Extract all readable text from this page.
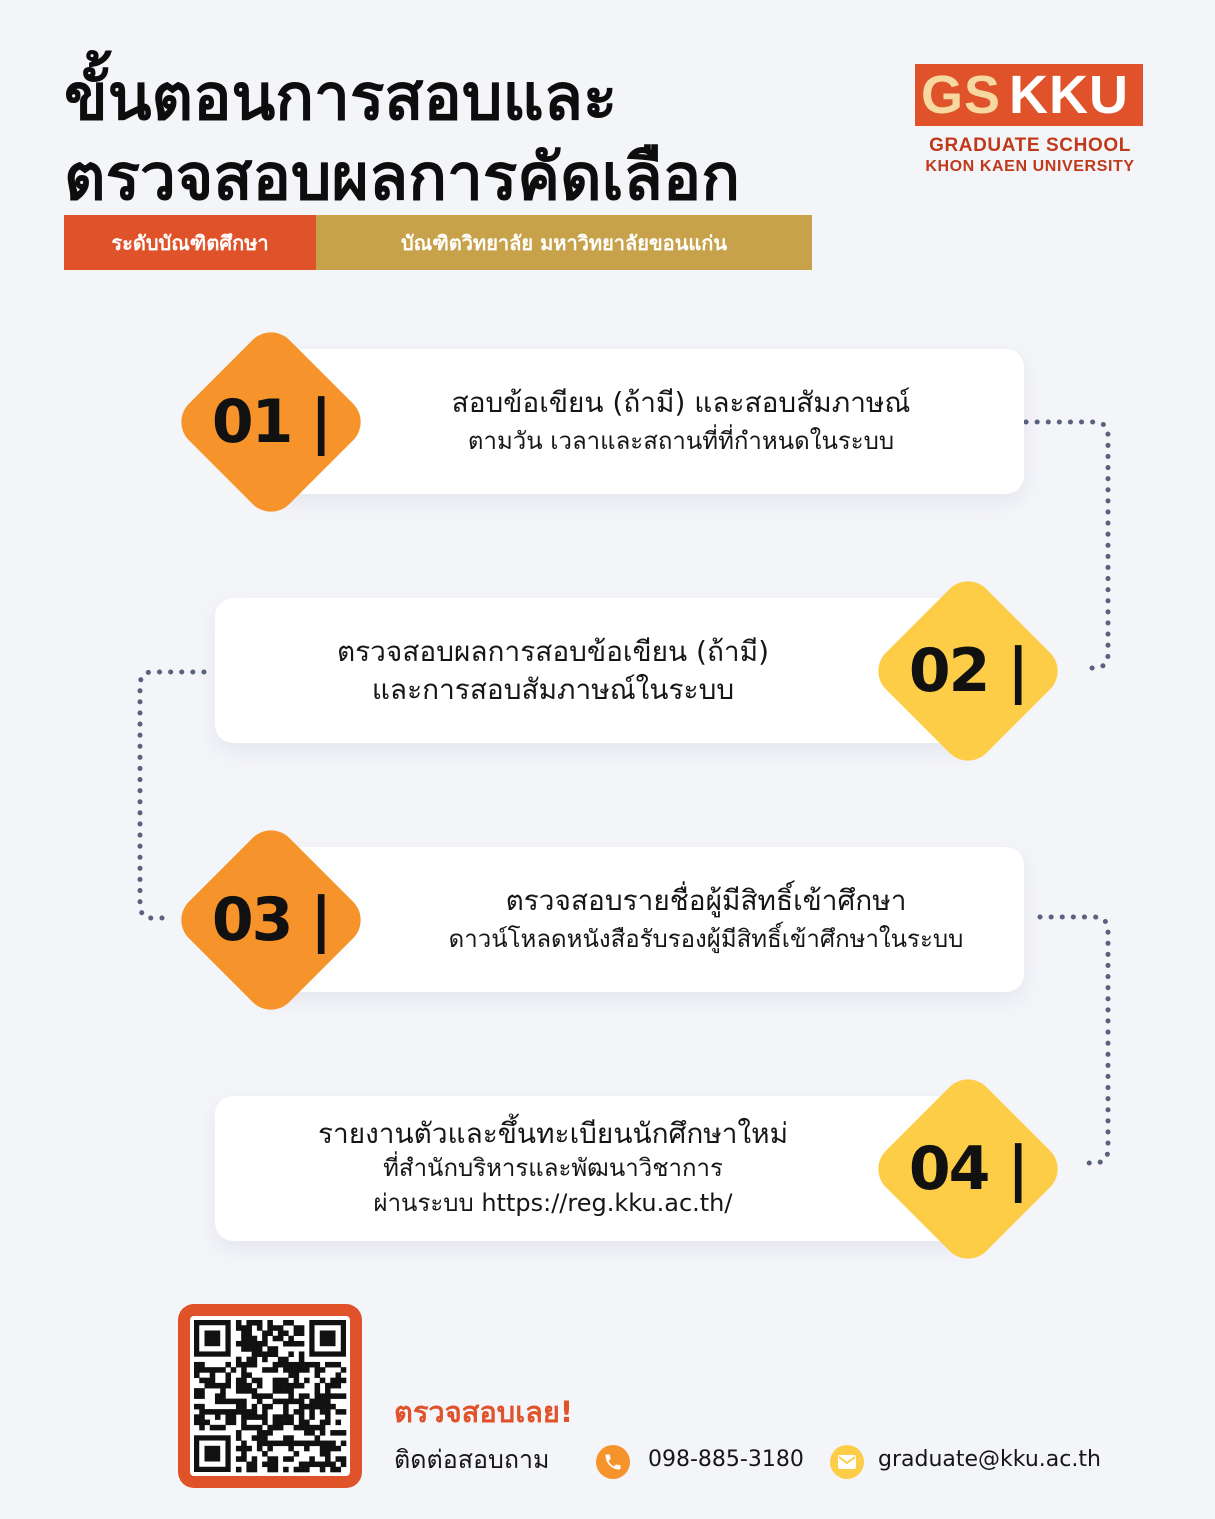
ขั้นตอนการสอบและ
ตรวจสอบผลการคัดเลือก
GS KKU
GRADUATE SCHOOL
KHON KAEN UNIVERSITY
ระดับบัณฑิตศึกษา	บัณฑิตวิทยาลัย มหาวิทยาลัยขอนแก่น
สอบข้อเขียน (ถ้ามี) และสอบสัมภาษณ์
ตามวัน เวลาและสถานที่ที่กำหนดในระบบ
01 |
ตรวจสอบผลการสอบข้อเขียน (ถ้ามี)
และการสอบสัมภาษณ์ในระบบ	02 |
ตรวจสอบรายชื่อผู้มีสิทธิ์เข้าศึกษา
ดาวน์โหลดหนังสือรับรองผู้มีสิทธิ์เข้าศึกษาในระบบ
03 |
รายงานตัวและขึ้นทะเบียนนักศึกษาใหม่
ที่สำนักบริหารและพัฒนาวิชาการ
ผ่านระบบ https://reg.kku.ac.th/	04 |
ตรวจสอบเลย!
ติดต่อสอบถาม	098-885-3180	graduate@kku.ac.th
